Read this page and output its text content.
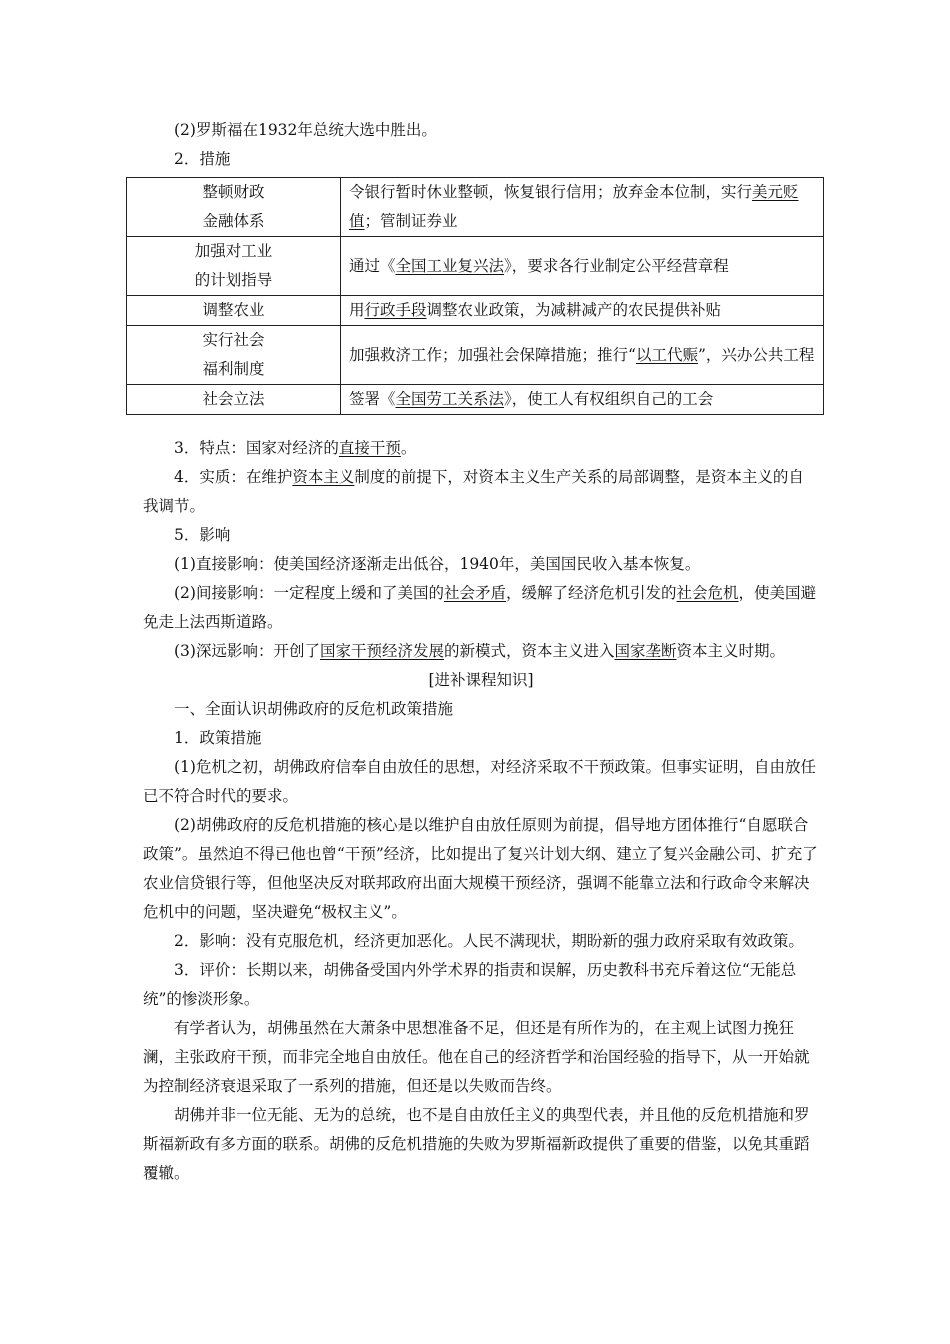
(2)罗斯福在1932年总统大选中胜出。

2．措施

整顿财政
金融体系	令银行暂时休业整顿，恢复银行信用；放弃金本位制，实行美元贬值；管制证券业

加强对工业
的计划指导	通过《全国工业复兴法》，要求各行业制定公平经营章程

调整农业	用行政手段调整农业政策，为减耕减产的农民提供补贴

实行社会
福利制度	加强救济工作；加强社会保障措施；推行“以工代赈”，兴办公共工程

社会立法	签署《全国劳工关系法》，使工人有权组织自己的工会

3．特点：国家对经济的直接干预。

4．实质：在维护资本主义制度的前提下，对资本主义生产关系的局部调整，是资本主义的自我调节。

5．影响

(1)直接影响：使美国经济逐渐走出低谷，1940年，美国国民收入基本恢复。

(2)间接影响：一定程度上缓和了美国的社会矛盾，缓解了经济危机引发的社会危机，使美国避免走上法西斯道路。

(3)深远影响：开创了国家干预经济发展的新模式，资本主义进入国家垄断资本主义时期。

[进补课程知识]

一、全面认识胡佛政府的反危机政策措施

1．政策措施

(1)危机之初，胡佛政府信奉自由放任的思想，对经济采取不干预政策。但事实证明，自由放任已不符合时代的要求。

(2)胡佛政府的反危机措施的核心是以维护自由放任原则为前提，倡导地方团体推行“自愿联合政策”。虽然迫不得已他也曾“干预”经济，比如提出了复兴计划大纲、建立了复兴金融公司、扩充了农业信贷银行等，但他坚决反对联邦政府出面大规模干预经济，强调不能靠立法和行政命令来解决危机中的问题，坚决避免“极权主义”。

2．影响：没有克服危机，经济更加恶化。人民不满现状，期盼新的强力政府采取有效政策。

3．评价：长期以来，胡佛备受国内外学术界的指责和误解，历史教科书充斥着这位“无能总统”的惨淡形象。

有学者认为，胡佛虽然在大萧条中思想准备不足，但还是有所作为的，在主观上试图力挽狂澜，主张政府干预，而非完全地自由放任。他在自己的经济哲学和治国经验的指导下，从一开始就为控制经济衰退采取了一系列的措施，但还是以失败而告终。

胡佛并非一位无能、无为的总统，也不是自由放任主义的典型代表，并且他的反危机措施和罗斯福新政有多方面的联系。胡佛的反危机措施的失败为罗斯福新政提供了重要的借鉴，以免其重蹈覆辙。
